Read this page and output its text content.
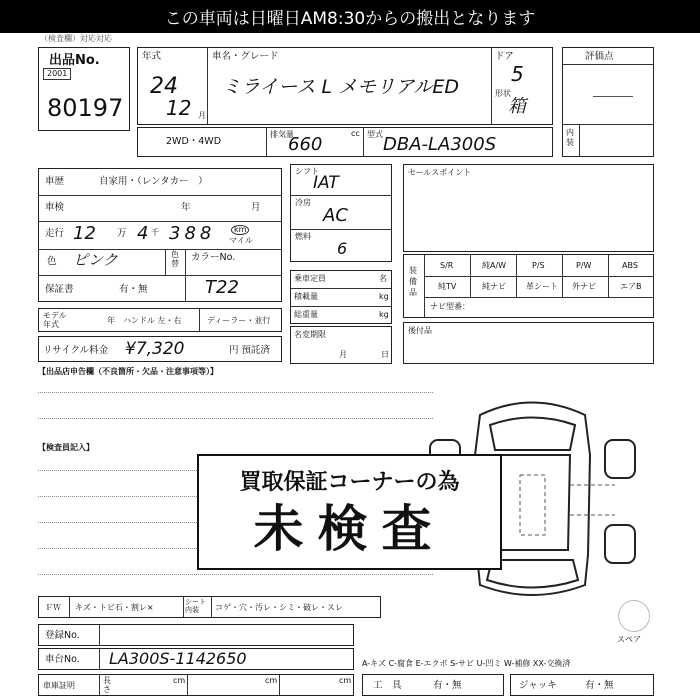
この車両は日曜日AM8:30からの搬出となります
（検査欄）対応対応
出品No.
2001
80197
年式
24
12 月
車名・グレード
ミライース L メモリアルED
ドア
5
形状
箱
評価点
内装
2WD・4WD
排気量
660
cc 型式 DBA-LA300S
車歴	自家用・（レンタカー　）
車検	年	月
走行 12 万 4 千 388	km
マイル
色 ピンク	色替
カラーNo.
保証書	有・無	T22
モデル年式	年 ハンドル 左・右	ディーラー・並行
リサイクル料金 ¥7,320	円 預託済
シフト
IAT
冷房
AC
燃料
6
乗車定員	名
積載量	kg
総重量	kg
名変期限
月	日
セールスポイント
装備品
S/R	純A/W	P/S	P/W	ABS
純TV	純ナビ	革シート 外ナビ	エアB
ナビ型番：
後付品
【出品店申告欄（不良箇所・欠品・注意事項等）】
【検査員記入】
買取保証コーナーの為
未検査
ＦＷ キズ・トビ石・割レ×
シート内装	コゲ・穴・汚レ・シミ・破レ・スレ
スペア
登録No.
車台No. LA300S-1142650
車庫証明
長さ
cm	cm	cm
A-キズ C-腐食 E-エクボ S-サビ U-凹ミ W-補修 XX-交換済
工　具	有・無	ジャッキ	有・無
